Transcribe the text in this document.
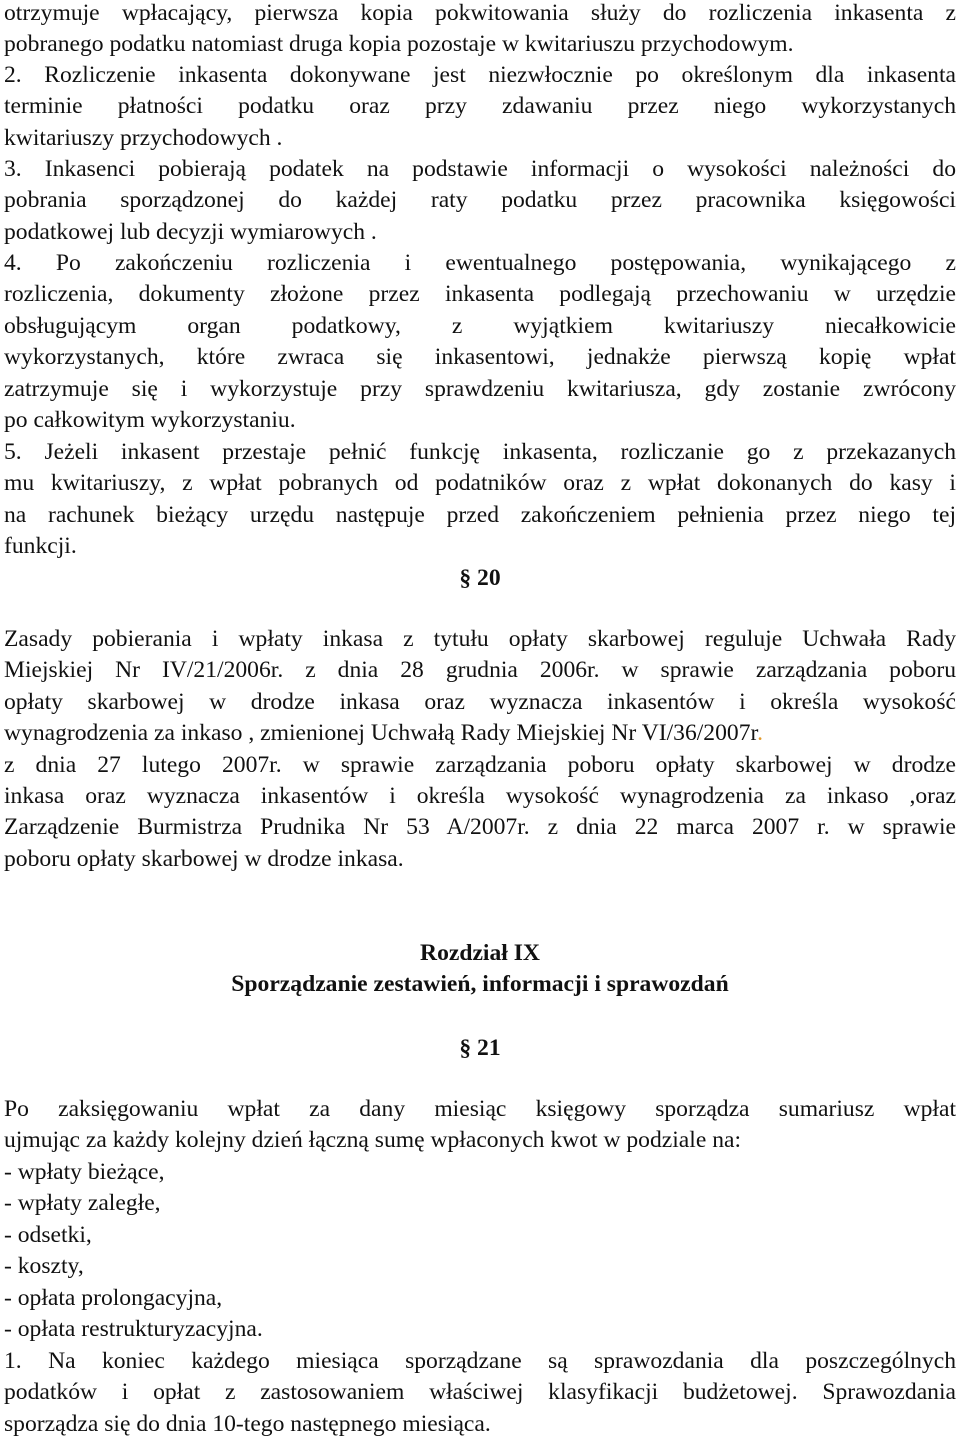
otrzymuje wpłacający, pierwsza kopia pokwitowania służy do rozliczenia inkasenta z
pobranego podatku natomiast druga kopia pozostaje w kwitariuszu przychodowym.
2. Rozliczenie inkasenta dokonywane jest niezwłocznie po określonym dla inkasenta
terminie płatności podatku oraz przy zdawaniu przez niego wykorzystanych
kwitariuszy przychodowych .
3. Inkasenci pobierają podatek na podstawie informacji o wysokości należności do
pobrania sporządzonej do każdej raty podatku przez pracownika księgowości
podatkowej lub decyzji wymiarowych .
4. Po zakończeniu rozliczenia i ewentualnego postępowania, wynikającego z
rozliczenia, dokumenty złożone przez inkasenta podlegają przechowaniu w urzędzie
obsługującym organ podatkowy, z wyjątkiem kwitariuszy niecałkowicie
wykorzystanych, które zwraca się inkasentowi, jednakże pierwszą kopię wpłat
zatrzymuje się i wykorzystuje przy sprawdzeniu kwitariusza, gdy zostanie zwrócony
po całkowitym wykorzystaniu.
5. Jeżeli inkasent przestaje pełnić funkcję inkasenta, rozliczanie go z przekazanych
mu kwitariuszy, z wpłat pobranych od podatników oraz z wpłat dokonanych do kasy i
na rachunek bieżący urzędu następuje przed zakończeniem pełnienia przez niego tej
funkcji.
§ 20
Zasady pobierania i wpłaty inkasa z tytułu opłaty skarbowej reguluje Uchwała Rady
Miejskiej Nr IV/21/2006r. z dnia 28 grudnia 2006r. w sprawie zarządzania poboru
opłaty skarbowej w drodze inkasa oraz wyznacza inkasentów i określa wysokość
wynagrodzenia za inkaso , zmienionej Uchwałą Rady Miejskiej Nr VI/36/2007r.
z dnia 27 lutego 2007r. w sprawie zarządzania poboru opłaty skarbowej w drodze
inkasa oraz wyznacza inkasentów i określa wysokość wynagrodzenia za inkaso ,oraz
Zarządzenie Burmistrza Prudnika Nr 53 A/2007r. z dnia 22 marca 2007 r. w sprawie
poboru opłaty skarbowej w drodze inkasa.
Rozdział IX
Sporządzanie zestawień, informacji i sprawozdań
§ 21
Po zaksięgowaniu wpłat za dany miesiąc księgowy sporządza sumariusz wpłat
ujmując za każdy kolejny dzień łączną sumę wpłaconych kwot w podziale na:
- wpłaty bieżące,
- wpłaty zaległe,
- odsetki,
- koszty,
- opłata prolongacyjna,
- opłata restrukturyzacyjna.
1. Na koniec każdego miesiąca sporządzane są sprawozdania dla poszczególnych
podatków i opłat z zastosowaniem właściwej klasyfikacji budżetowej. Sprawozdania
sporządza się do dnia 10-tego następnego miesiąca.
